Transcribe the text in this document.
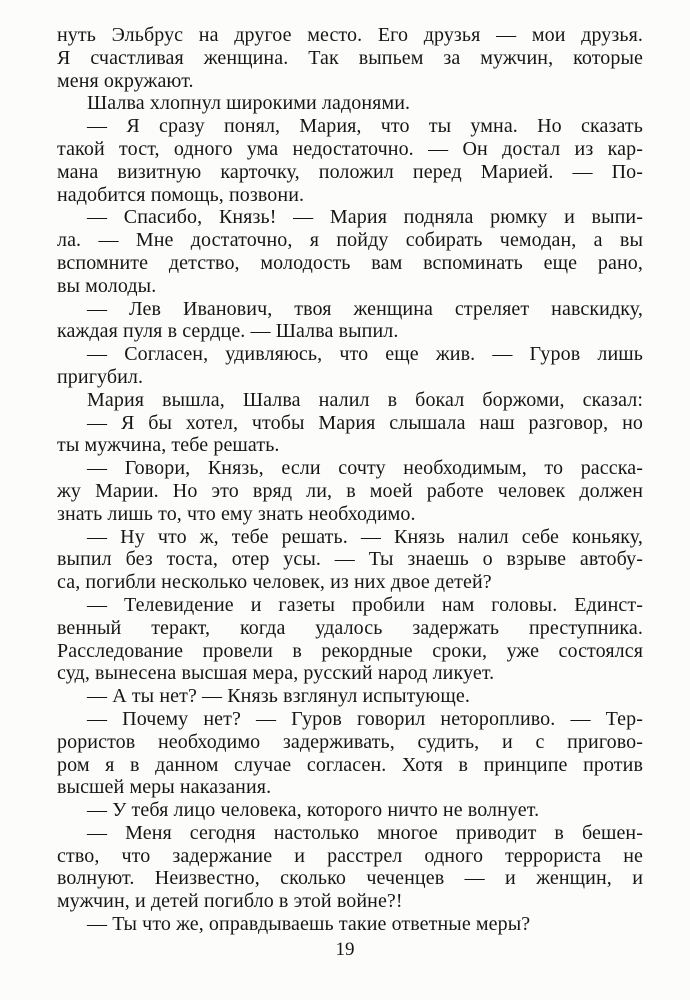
нуть Эльбрус на другое место. Его друзья — мои друзья.
Я счастливая женщина. Так выпьем за мужчин, которые
меня окружают.
Шалва хлопнул широкими ладонями.
— Я сразу понял, Мария, что ты умна. Но сказать
такой тост, одного ума недостаточно. — Он достал из кар-
мана визитную карточку, положил перед Марией. — По-
надобится помощь, позвони.
— Спасибо, Князь! — Мария подняла рюмку и выпи-
ла. — Мне достаточно, я пойду собирать чемодан, а вы
вспомните детство, молодость вам вспоминать еще рано,
вы молоды.
— Лев Иванович, твоя женщина стреляет навскидку,
каждая пуля в сердце. — Шалва выпил.
— Согласен, удивляюсь, что еще жив. — Гуров лишь
пригубил.
Мария вышла, Шалва налил в бокал боржоми, сказал:
— Я бы хотел, чтобы Мария слышала наш разговор, но
ты мужчина, тебе решать.
— Говори, Князь, если сочту необходимым, то расска-
жу Марии. Но это вряд ли, в моей работе человек должен
знать лишь то, что ему знать необходимо.
— Ну что ж, тебе решать. — Князь налил себе коньяку,
выпил без тоста, отер усы. — Ты знаешь о взрыве автобу-
са, погибли несколько человек, из них двое детей?
— Телевидение и газеты пробили нам головы. Единст-
венный теракт, когда удалось задержать преступника.
Расследование провели в рекордные сроки, уже состоялся
суд, вынесена высшая мера, русский народ ликует.
— А ты нет? — Князь взглянул испытующе.
— Почему нет? — Гуров говорил неторопливо. — Тер-
рористов необходимо задерживать, судить, и с пригово-
ром я в данном случае согласен. Хотя в принципе против
высшей меры наказания.
— У тебя лицо человека, которого ничто не волнует.
— Меня сегодня настолько многое приводит в бешен-
ство, что задержание и расстрел одного террориста не
волнуют. Неизвестно, сколько чеченцев — и женщин, и
мужчин, и детей погибло в этой войне?!
— Ты что же, оправдываешь такие ответные меры?
19
